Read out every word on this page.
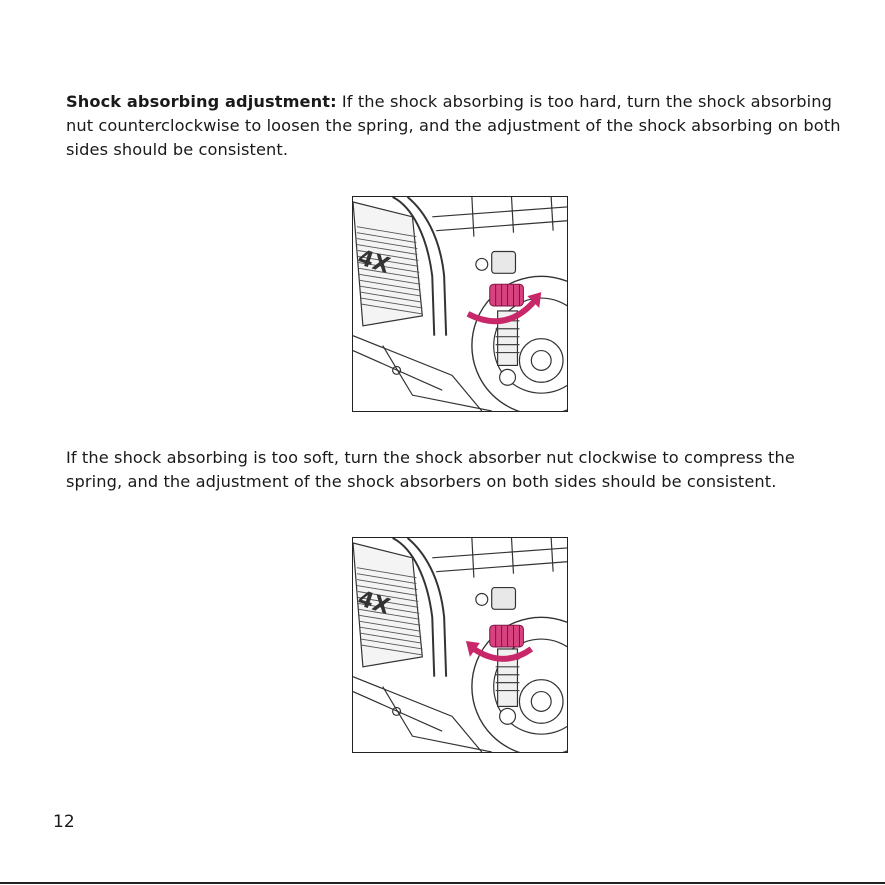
Shock absorbing adjustment: If the shock absorbing is too hard, turn the shock absorbing nut counterclockwise to loosen the spring, and the adjustment of the shock absorbing on both sides should be consistent.

4X

If the shock absorbing is too soft, turn the shock absorber nut clockwise to compress the spring, and the adjustment of the shock absorbers on both sides should be consistent.

4X
12
